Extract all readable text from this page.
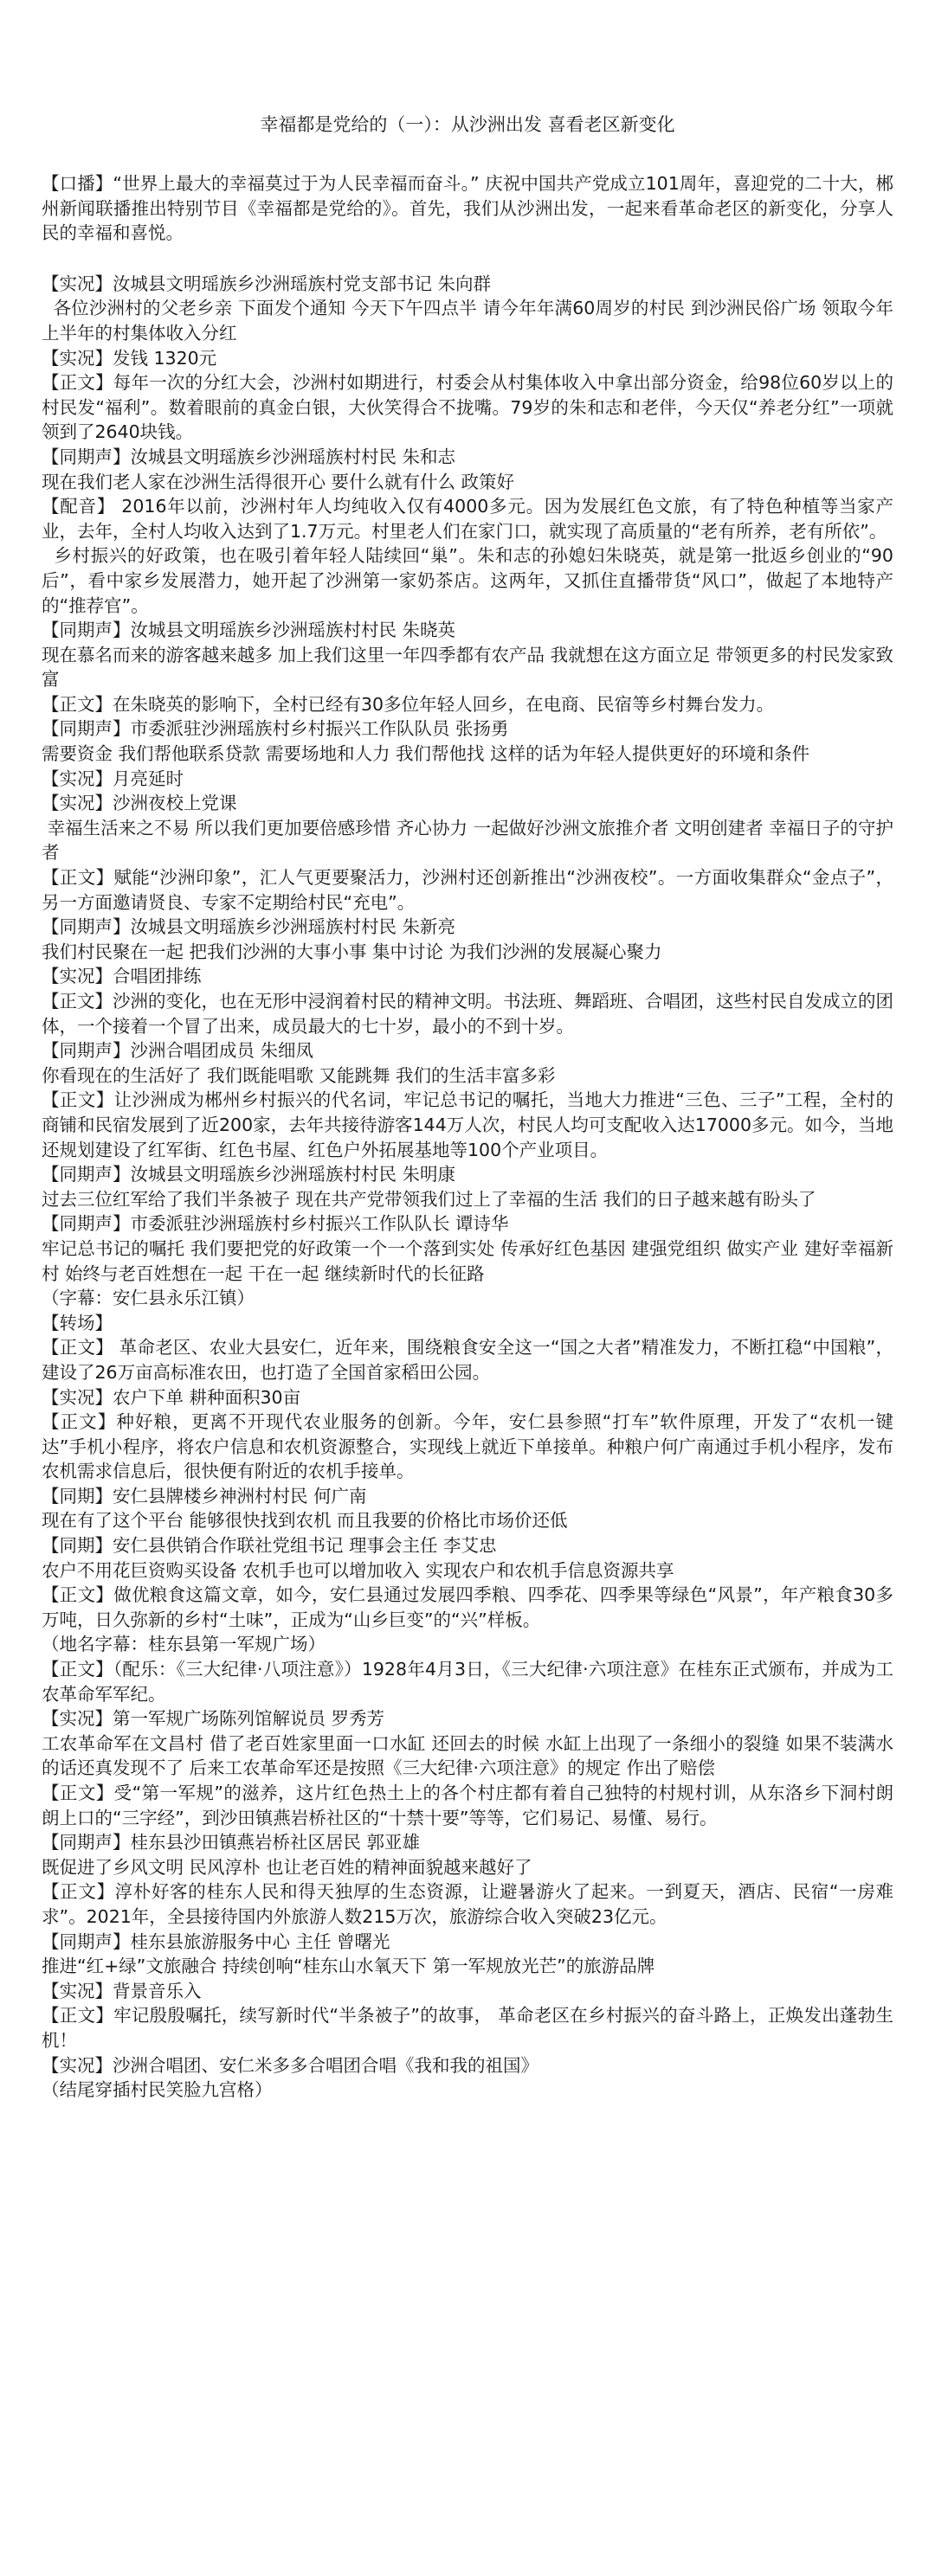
幸福都是党给的（一）：从沙洲出发 喜看老区新变化

【口播】“世界上最大的幸福莫过于为人民幸福而奋斗。” 庆祝中国共产党成立101周年，喜迎党的二十大，郴州新闻联播推出特别节目《幸福都是党给的》。首先，我们从沙洲出发，一起来看革命老区的新变化，分享人民的幸福和喜悦。

【实况】汝城县文明瑶族乡沙洲瑶族村党支部书记 朱向群

各位沙洲村的父老乡亲 下面发个通知 今天下午四点半 请今年年满60周岁的村民 到沙洲民俗广场 领取今年上半年的村集体收入分红

【实况】发钱 1320元

【正文】每年一次的分红大会，沙洲村如期进行，村委会从村集体收入中拿出部分资金，给98位60岁以上的村民发“福利”。数着眼前的真金白银，大伙笑得合不拢嘴。79岁的朱和志和老伴，今天仅“养老分红”一项就领到了2640块钱。

【同期声】汝城县文明瑶族乡沙洲瑶族村村民 朱和志

现在我们老人家在沙洲生活得很开心 要什么就有什么 政策好

【配音】 2016年以前，沙洲村年人均纯收入仅有4000多元。因为发展红色文旅，有了特色种植等当家产业，去年，全村人均收入达到了1.7万元。村里老人们在家门口，就实现了高质量的“老有所养，老有所依”。

乡村振兴的好政策，也在吸引着年轻人陆续回“巢”。朱和志的孙媳妇朱晓英，就是第一批返乡创业的“90后”，看中家乡发展潜力，她开起了沙洲第一家奶茶店。这两年，又抓住直播带货“风口”，做起了本地特产的“推荐官”。

【同期声】汝城县文明瑶族乡沙洲瑶族村村民 朱晓英

现在慕名而来的游客越来越多 加上我们这里一年四季都有农产品 我就想在这方面立足 带领更多的村民发家致富

【正文】在朱晓英的影响下，全村已经有30多位年轻人回乡，在电商、民宿等乡村舞台发力。

【同期声】市委派驻沙洲瑶族村乡村振兴工作队队员 张扬勇

需要资金 我们帮他联系贷款 需要场地和人力 我们帮他找 这样的话为年轻人提供更好的环境和条件

【实况】月亮延时

【实况】沙洲夜校上党课

幸福生活来之不易 所以我们更加要倍感珍惜 齐心协力 一起做好沙洲文旅推介者 文明创建者 幸福日子的守护者

【正文】赋能“沙洲印象”，汇人气更要聚活力，沙洲村还创新推出“沙洲夜校”。一方面收集群众“金点子”，另一方面邀请贤良、专家不定期给村民“充电”。

【同期声】汝城县文明瑶族乡沙洲瑶族村村民 朱新亮

我们村民聚在一起 把我们沙洲的大事小事 集中讨论 为我们沙洲的发展凝心聚力

【实况】合唱团排练

【正文】沙洲的变化，也在无形中浸润着村民的精神文明。书法班、舞蹈班、合唱团，这些村民自发成立的团体，一个接着一个冒了出来，成员最大的七十岁，最小的不到十岁。

【同期声】沙洲合唱团成员 朱细凤

你看现在的生活好了 我们既能唱歌 又能跳舞 我们的生活丰富多彩

【正文】让沙洲成为郴州乡村振兴的代名词，牢记总书记的嘱托，当地大力推进“三色、三子”工程，全村的商铺和民宿发展到了近200家，去年共接待游客144万人次，村民人均可支配收入达17000多元。如今，当地还规划建设了红军街、红色书屋、红色户外拓展基地等100个产业项目。

【同期声】汝城县文明瑶族乡沙洲瑶族村村民 朱明康

过去三位红军给了我们半条被子 现在共产党带领我们过上了幸福的生活 我们的日子越来越有盼头了

【同期声】市委派驻沙洲瑶族村乡村振兴工作队队长 谭诗华

牢记总书记的嘱托 我们要把党的好政策一个一个落到实处 传承好红色基因 建强党组织 做实产业 建好幸福新村 始终与老百姓想在一起 干在一起 继续新时代的长征路

（字幕：安仁县永乐江镇）

【转场】

【正文】 革命老区、农业大县安仁，近年来，围绕粮食安全这一“国之大者”精准发力，不断扛稳“中国粮”，建设了26万亩高标准农田，也打造了全国首家稻田公园。

【实况】农户下单 耕种面积30亩

【正文】种好粮，更离不开现代农业服务的创新。今年，安仁县参照“打车”软件原理，开发了“农机一键达”手机小程序，将农户信息和农机资源整合，实现线上就近下单接单。种粮户何广南通过手机小程序，发布农机需求信息后，很快便有附近的农机手接单。

【同期】安仁县牌楼乡神洲村村民 何广南

现在有了这个平台 能够很快找到农机 而且我要的价格比市场价还低

【同期】安仁县供销合作联社党组书记 理事会主任 李艾忠

农户不用花巨资购买设备 农机手也可以增加收入 实现农户和农机手信息资源共享

【正文】做优粮食这篇文章，如今，安仁县通过发展四季粮、四季花、四季果等绿色“风景”，年产粮食30多万吨，日久弥新的乡村“土味”，正成为“山乡巨变”的“兴”样板。

（地名字幕：桂东县第一军规广场）

【正文】（配乐：《三大纪律·八项注意》）1928年4月3日，《三大纪律·六项注意》在桂东正式颁布，并成为工农革命军军纪。

【实况】第一军规广场陈列馆解说员 罗秀芳

工农革命军在文昌村 借了老百姓家里面一口水缸 还回去的时候 水缸上出现了一条细小的裂缝 如果不装满水的话还真发现不了 后来工农革命军还是按照《三大纪律·六项注意》的规定 作出了赔偿

【正文】受“第一军规”的滋养，这片红色热土上的各个村庄都有着自己独特的村规村训，从东洛乡下洞村朗朗上口的“三字经”，到沙田镇燕岩桥社区的“十禁十要”等等，它们易记、易懂、易行。

【同期声】桂东县沙田镇燕岩桥社区居民 郭亚雄

既促进了乡风文明 民风淳朴 也让老百姓的精神面貌越来越好了

【正文】淳朴好客的桂东人民和得天独厚的生态资源，让避暑游火了起来。一到夏天，酒店、民宿“一房难求”。2021年，全县接待国内外旅游人数215万次，旅游综合收入突破23亿元。

【同期声】桂东县旅游服务中心 主任 曾曙光

推进“红+绿”文旅融合 持续创响“桂东山水氧天下 第一军规放光芒”的旅游品牌

【实况】背景音乐入

【正文】牢记殷殷嘱托，续写新时代“半条被子”的故事， 革命老区在乡村振兴的奋斗路上，正焕发出蓬勃生机！

【实况】沙洲合唱团、安仁米多多合唱团合唱《我和我的祖国》

（结尾穿插村民笑脸九宫格）
